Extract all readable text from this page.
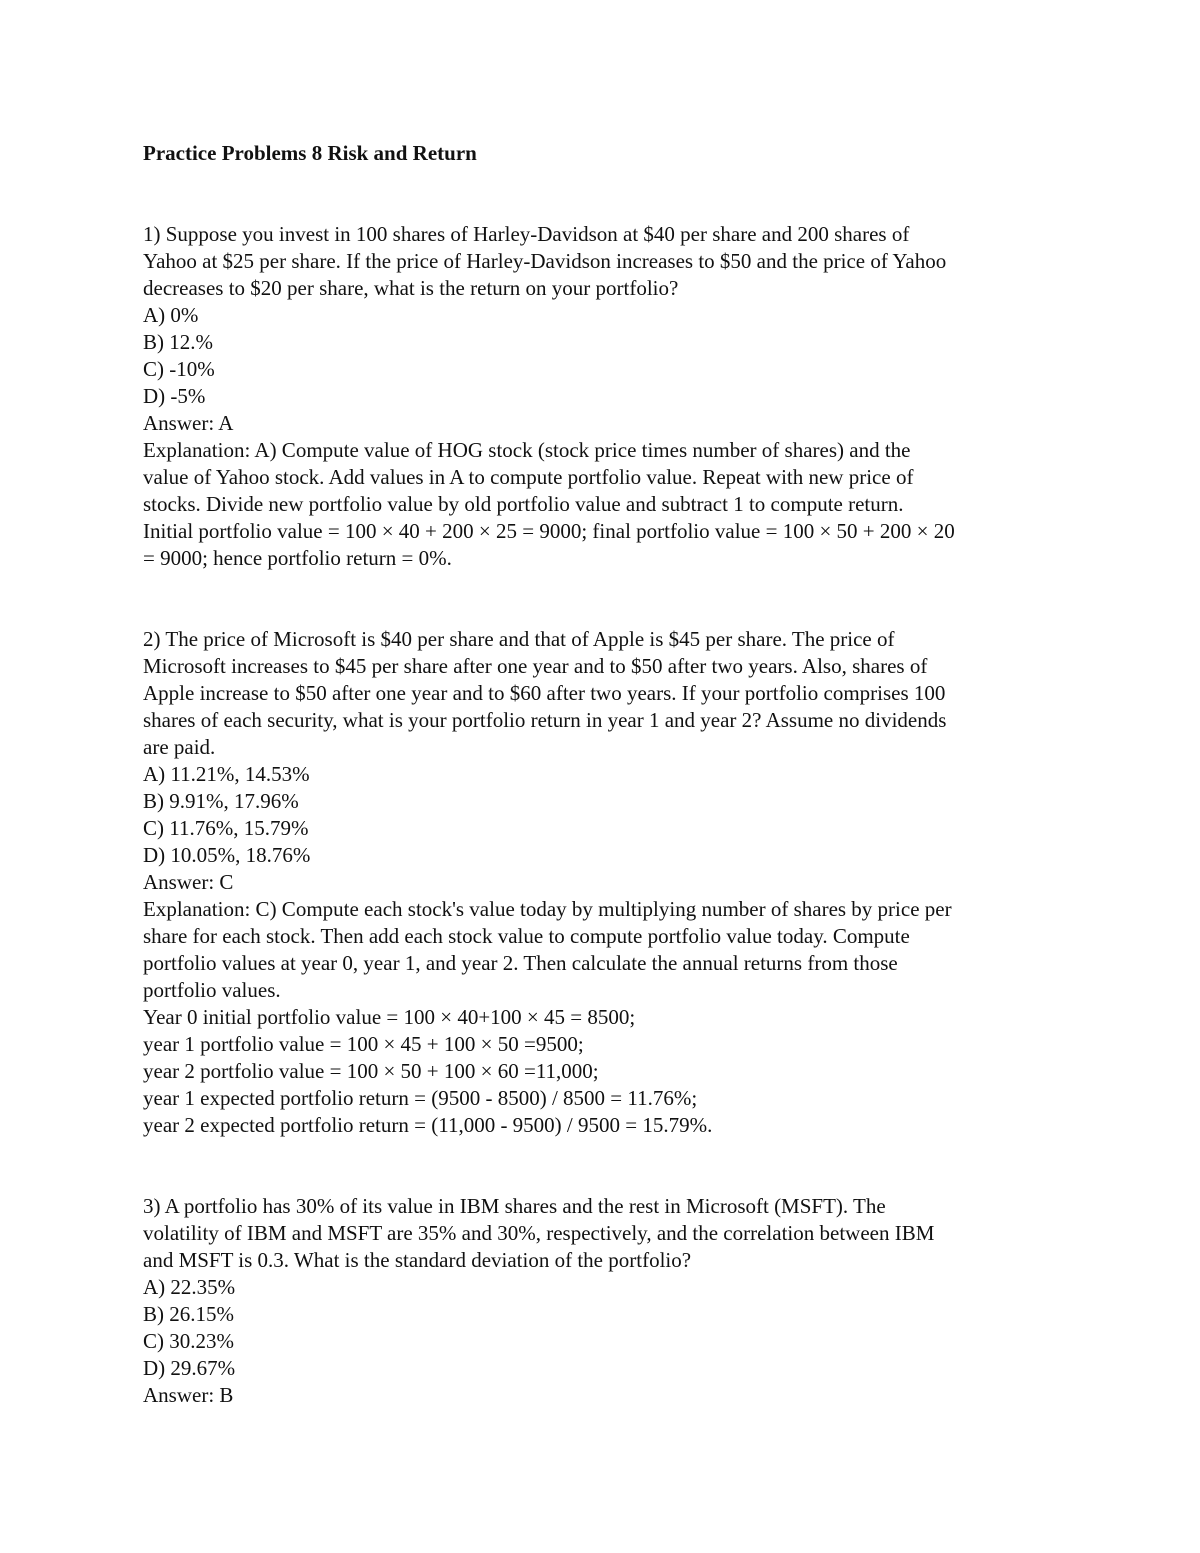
Practice Problems 8 Risk and Return
1) Suppose you invest in 100 shares of Harley-Davidson at $40 per share and 200 shares of
Yahoo at $25 per share. If the price of Harley-Davidson increases to $50 and the price of Yahoo
decreases to $20 per share, what is the return on your portfolio?
A) 0%
B) 12.%
C) -10%
D) -5%
Answer: A
Explanation: A) Compute value of HOG stock (stock price times number of shares) and the
value of Yahoo stock. Add values in A to compute portfolio value. Repeat with new price of
stocks. Divide new portfolio value by old portfolio value and subtract 1 to compute return.
Initial portfolio value = 100 × 40 + 200 × 25 = 9000; final portfolio value = 100 × 50 + 200 × 20
= 9000; hence portfolio return = 0%.
2) The price of Microsoft is $40 per share and that of Apple is $45 per share. The price of
Microsoft increases to $45 per share after one year and to $50 after two years. Also, shares of
Apple increase to $50 after one year and to $60 after two years. If your portfolio comprises 100
shares of each security, what is your portfolio return in year 1 and year 2? Assume no dividends
are paid.
A) 11.21%, 14.53%
B) 9.91%, 17.96%
C) 11.76%, 15.79%
D) 10.05%, 18.76%
Answer: C
Explanation: C) Compute each stock's value today by multiplying number of shares by price per
share for each stock. Then add each stock value to compute portfolio value today. Compute
portfolio values at year 0, year 1, and year 2. Then calculate the annual returns from those
portfolio values.
Year 0 initial portfolio value = 100 × 40+100 × 45 = 8500;
year 1 portfolio value = 100 × 45 + 100 × 50 =9500;
year 2 portfolio value = 100 × 50 + 100 × 60 =11,000;
year 1 expected portfolio return = (9500 - 8500) / 8500 = 11.76%;
year 2 expected portfolio return = (11,000 - 9500) / 9500 = 15.79%.
3) A portfolio has 30% of its value in IBM shares and the rest in Microsoft (MSFT). The
volatility of IBM and MSFT are 35% and 30%, respectively, and the correlation between IBM
and MSFT is 0.3. What is the standard deviation of the portfolio?
A) 22.35%
B) 26.15%
C) 30.23%
D) 29.67%
Answer: B
